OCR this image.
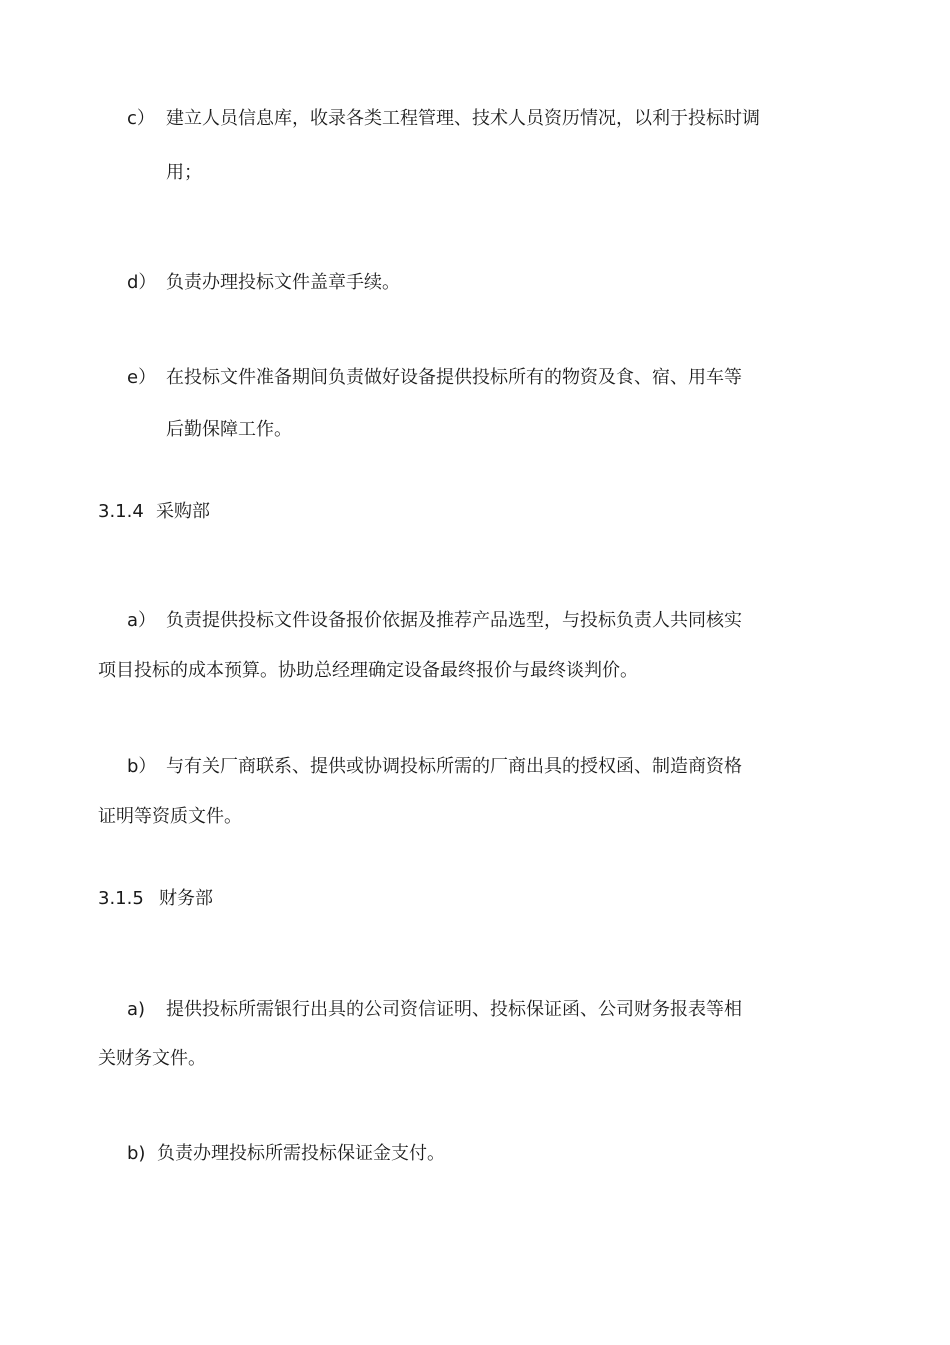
c） 建立人员信息库，收录各类工程管理、技术人员资历情况，以利于投标时调
用；
d） 负责办理投标文件盖章手续。
e） 在投标文件准备期间负责做好设备提供投标所有的物资及食、宿、用车等
后勤保障工作。
3.1.4 采购部
a） 负责提供投标文件设备报价依据及推荐产品选型，与投标负责人共同核实
项目投标的成本预算。协助总经理确定设备最终报价与最终谈判价。
b） 与有关厂商联系、提供或协调投标所需的厂商出具的授权函、制造商资格
证明等资质文件。
3.1.5 财务部
a) 提供投标所需银行出具的公司资信证明、投标保证函、公司财务报表等相
关财务文件。
b) 负责办理投标所需投标保证金支付。
